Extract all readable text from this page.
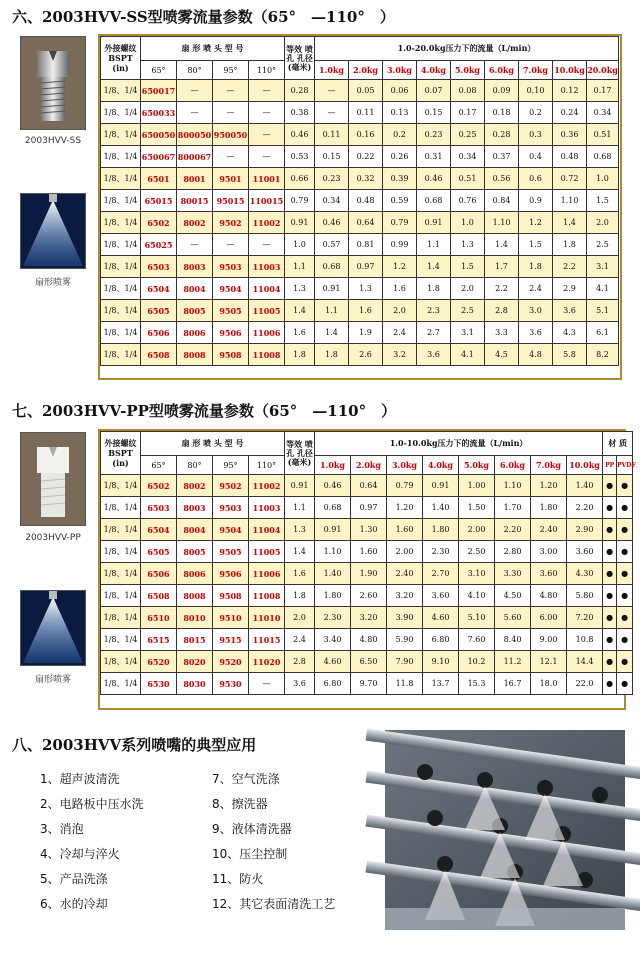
六、2003HVV-SS型喷雾流量参数（65°　—110°　）
2003HVV-SS
扇形喷雾
外接螺纹 BSPT (in)	扇 形 喷 头 型 号				等效 喷孔 孔径 (毫米)	1.0-20.0kg压力下的流量（L/min）								
	65°	80°	95°	110°		1.0kg	2.0kg	3.0kg	4.0kg	5.0kg	6.0kg	7.0kg	10.0kg	20.0kg
1/8、1/4	650017	—	—	—	0.28	—	0.05	0.06	0.07	0.08	0.09	0.10	0.12	0.17
1/8、1/4	650033	—	—	—	0.38	—	0.11	0.13	0.15	0.17	0.18	0.2	0.24	0.34
1/8、1/4	650050	800050	950050	—	0.46	0.11	0.16	0.2	0.23	0.25	0.28	0.3	0.36	0.51
1/8、1/4	650067	800067	—	—	0.53	0.15	0.22	0.26	0.31	0.34	0.37	0.4	0.48	0.68
1/8、1/4	6501	8001	9501	11001	0.66	0.23	0.32	0.39	0.46	0.51	0.56	0.6	0.72	1.0
1/8、1/4	65015	80015	95015	110015	0.79	0.34	0.48	0.59	0.68	0.76	0.84	0.9	1.10	1.5
1/8、1/4	6502	8002	9502	11002	0.91	0.46	0.64	0.79	0.91	1.0	1.10	1.2	1.4	2.0
1/8、1/4	65025	—	—	—	1.0	0.57	0.81	0.99	1.1	1.3	1.4	1.5	1.8	2.5
1/8、1/4	6503	8003	9503	11003	1.1	0.68	0.97	1.2	1.4	1.5	1.7	1.8	2.2	3.1
1/8、1/4	6504	8004	9504	11004	1.3	0.91	1.3	1.6	1.8	2.0	2.2	2.4	2.9	4.1
1/8、1/4	6505	8005	9505	11005	1.4	1.1	1.6	2.0	2.3	2.5	2.8	3.0	3.6	5.1
1/8、1/4	6506	8006	9506	11006	1.6	1.4	1.9	2.4	2.7	3.1	3.3	3.6	4.3	6.1
1/8、1/4	6508	8008	9508	11008	1.8	1.8	2.6	3.2	3.6	4.1	4.5	4.8	5.8	8.2
七、2003HVV-PP型喷雾流量参数（65°　—110°　）
2003HVV-PP
扇形喷雾
外接螺纹 BSPT (in)	扇 形 喷 头 型 号				等效 喷孔 孔径 (毫米)	1.0-10.0kg压力下的流量（L/min）								材 质	
	65°	80°	95°	110°		1.0kg	2.0kg	3.0kg	4.0kg	5.0kg	6.0kg	7.0kg	10.0kg	PP	PVDF
1/8、1/4	6502	8002	9502	11002	0.91	0.46	0.64	0.79	0.91	1.00	1.10	1.20	1.40	●	●
1/8、1/4	6503	8003	9503	11003	1.1	0.68	0.97	1.20	1.40	1.50	1.70	1.80	2.20	●	●
1/8、1/4	6504	8004	9504	11004	1.3	0.91	1.30	1.60	1.80	2.00	2.20	2.40	2.90	●	●
1/8、1/4	6505	8005	9505	11005	1.4	1.10	1.60	2.00	2.30	2.50	2.80	3.00	3.60	●	●
1/8、1/4	6506	8006	9506	11006	1.6	1.40	1.90	2.40	2.70	3.10	3.30	3.60	4.30	●	●
1/8、1/4	6508	8008	9508	11008	1.8	1.80	2.60	3.20	3.60	4.10	4.50	4.80	5.80	●	●
1/8、1/4	6510	8010	9510	11010	2.0	2.30	3.20	3.90	4.60	5.10	5.60	6.00	7.20	●	●
1/8、1/4	6515	8015	9515	11015	2.4	3.40	4.80	5.90	6.80	7.60	8.40	9.00	10.8	●	●
1/8、1/4	6520	8020	9520	11020	2.8	4.60	6.50	7.90	9.10	10.2	11.2	12.1	14.4	●	●
1/8、1/4	6530	8030	9530	—	3.6	6.80	9.70	11.8	13.7	15.3	16.7	18.0	22.0	●	●
八、2003HVV系列喷嘴的典型应用
1、超声波清洗
2、电路板中压水洗
3、消泡
4、冷却与淬火
5、产品洗涤
6、水的冷却
7、空气洗涤
8、擦洗器
9、液体清洗器
10、压尘控制
11、防火
12、其它表面清洗工艺
